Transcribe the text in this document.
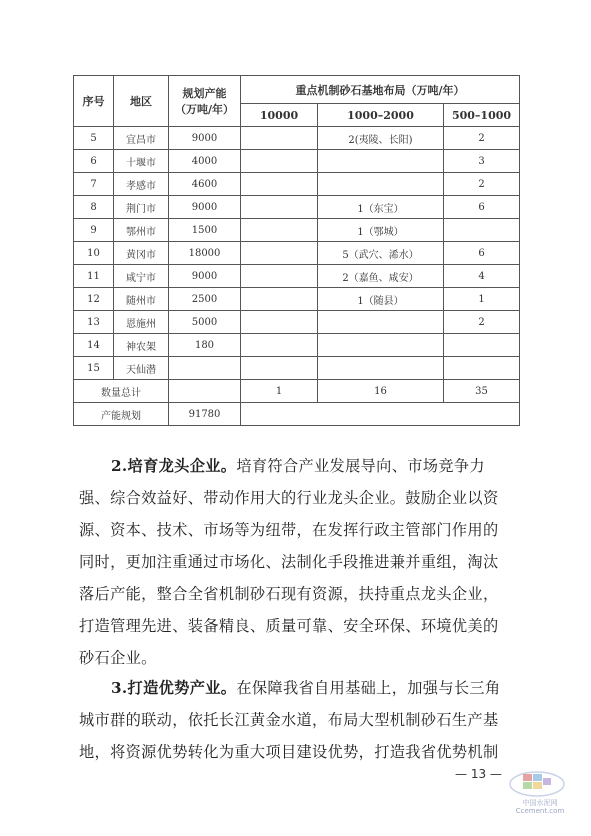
序号	地区	规划产能
（万吨/年）	重点机制砂石基地布局（万吨/年）		
			10000	1000–2000	500–1000
5	宜昌市	9000		2(夷陵、长阳)	2
6	十堰市	4000			3
7	孝感市	4600			2
8	荆门市	9000		1（东宝）	6
9	鄂州市	1500		1（鄂城）	
10	黄冈市	18000		5（武穴、浠水）	6
11	咸宁市	9000		2（嘉鱼、咸安）	4
12	随州市	2500		1（随县）	1
13	恩施州	5000			2
14	神农架	180			
15	天仙潜				
数量总计			1	16	35
产能规划		91780			
2.培育龙头企业。培育符合产业发展导向、市场竞争力
强、综合效益好、带动作用大的行业龙头企业。鼓励企业以资
源、资本、技术、市场等为纽带，在发挥行政主管部门作用的
同时，更加注重通过市场化、法制化手段推进兼并重组，淘汰
落后产能，整合全省机制砂石现有资源，扶持重点龙头企业，
打造管理先进、装备精良、质量可靠、安全环保、环境优美的
砂石企业。
3.打造优势产业。在保障我省自用基础上，加强与长三角
城市群的联动，依托长江黄金水道，布局大型机制砂石生产基
地，将资源优势转化为重大项目建设优势，打造我省优势机制
— 13 —
中国水泥网
Ccement.com
